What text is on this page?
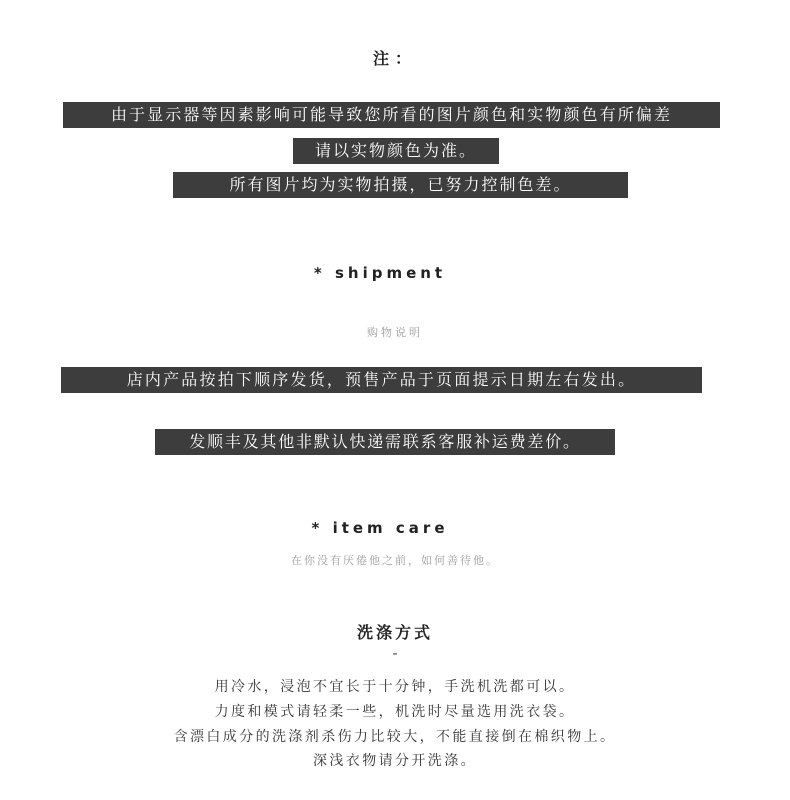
注：
由于显示器等因素影响可能导致您所看的图片颜色和实物颜色有所偏差
请以实物颜色为准。
所有图片均为实物拍摄，已努力控制色差。
* shipment
购物说明
店内产品按拍下顺序发货，预售产品于页面提示日期左右发出。
发顺丰及其他非默认快递需联系客服补运费差价。
* item care
在你没有厌倦他之前，如何善待他。
洗涤方式
-
用冷水，浸泡不宜长于十分钟，手洗机洗都可以。
力度和模式请轻柔一些，机洗时尽量选用洗衣袋。
含漂白成分的洗涤剂杀伤力比较大，不能直接倒在棉织物上。
深浅衣物请分开洗涤。
